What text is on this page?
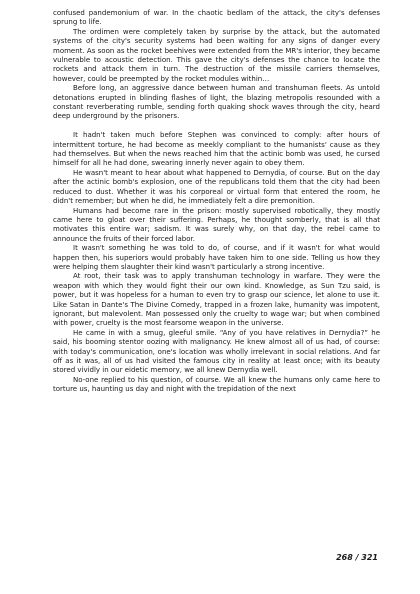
confused pandemonium of war. In the chaotic bedlam of the attack, the city's defenses sprung to life.

The ordimen were completely taken by surprise by the attack, but the automated systems of the city's security systems had been waiting for any signs of danger every moment. As soon as the rocket beehives were extended from the MR's interior, they became vulnerable to acoustic detection. This gave the city's defenses the chance to locate the rockets and attack them in turn. The destruction of the missile carriers themselves, however, could be preempted by the rocket modules within…

Before long, an aggressive dance between human and transhuman fleets. As untold detonations erupted in blinding flashes of light, the blazing metropolis resounded with a constant reverberating rumble, sending forth quaking shock waves through the city, heard deep underground by the prisoners.

It hadn't taken much before Stephen was convinced to comply: after hours of intermittent torture, he had become as meekly compliant to the humanists' cause as they had themselves. But when the news reached him that the actinic bomb was used, he cursed himself for all he had done, swearing innerly never again to obey them.

He wasn't meant to hear about what happened to Dernydia, of course. But on the day after the actinic bomb's explosion, one of the republicans told them that the city had been reduced to dust. Whether it was his corporeal or virtual form that entered the room, he didn't remember; but when he did, he immediately felt a dire premonition.

Humans had become rare in the prison: mostly supervised robotically, they mostly came here to gloat over their suffering. Perhaps, he thought somberly, that is all that motivates this entire war; sadism. It was surely why, on that day, the rebel came to announce the fruits of their forced labor.

It wasn't something he was told to do, of course, and if it wasn't for what would happen then, his superiors would probably have taken him to one side. Telling us how they were helping them slaughter their kind wasn't particularly a strong incentive.

At root, their task was to apply transhuman technology in warfare. They were the weapon with which they would fight their our own kind. Knowledge, as Sun Tzu said, is power, but it was hopeless for a human to even try to grasp our science, let alone to use it. Like Satan in Dante's The Divine Comedy, trapped in a frozen lake, humanity was impotent, ignorant, but malevolent. Man possessed only the cruelty to wage war; but when combined with power, cruelty is the most fearsome weapon in the universe.

He came in with a smug, gleeful smile. “Any of you have relatives in Dernydia?” he said, his booming stentor oozing with malignancy. He knew almost all of us had, of course: with today's communication, one's location was wholly irrelevant in social relations. And far off as it was, all of us had visited the famous city in reality at least once; with its beauty stored vividly in our eidetic memory, we all knew Dernydia well.

No-one replied to his question, of course. We all knew the humans only came here to torture us, haunting us day and night with the trepidation of the next

268 / 321
